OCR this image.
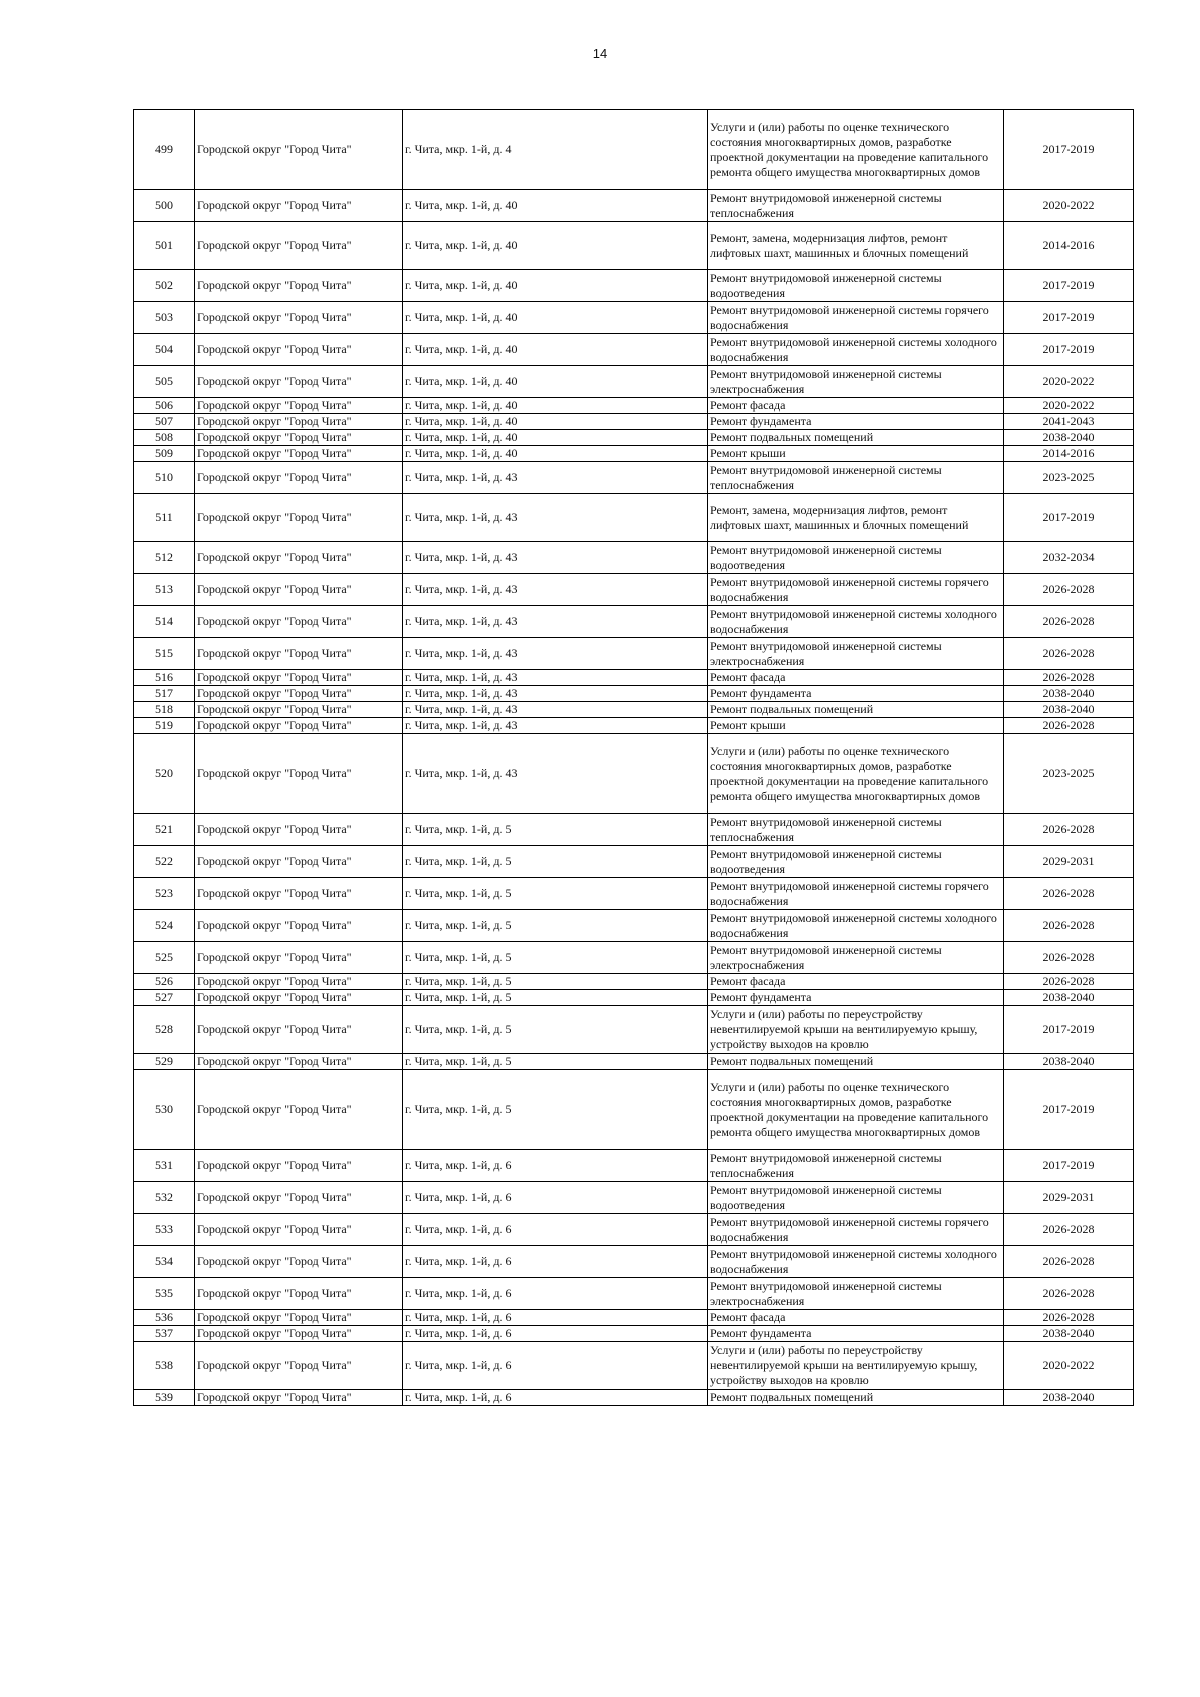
14
499	Городской округ "Город Чита"	г. Чита, мкр. 1-й, д. 4	Услуги и (или) работы по оценке технического состояния многоквартирных домов, разработке проектной документации на проведение капитального ремонта общего имущества многоквартирных домов	2017-2019
500	Городской округ "Город Чита"	г. Чита, мкр. 1-й, д. 40	Ремонт внутридомовой инженерной системы теплоснабжения	2020-2022
501	Городской округ "Город Чита"	г. Чита, мкр. 1-й, д. 40	Ремонт, замена, модернизация лифтов, ремонт лифтовых шахт, машинных и блочных помещений	2014-2016
502	Городской округ "Город Чита"	г. Чита, мкр. 1-й, д. 40	Ремонт внутридомовой инженерной системы водоотведения	2017-2019
503	Городской округ "Город Чита"	г. Чита, мкр. 1-й, д. 40	Ремонт внутридомовой инженерной системы горячего водоснабжения	2017-2019
504	Городской округ "Город Чита"	г. Чита, мкр. 1-й, д. 40	Ремонт внутридомовой инженерной системы холодного водоснабжения	2017-2019
505	Городской округ "Город Чита"	г. Чита, мкр. 1-й, д. 40	Ремонт внутридомовой инженерной системы электроснабжения	2020-2022
506	Городской округ "Город Чита"	г. Чита, мкр. 1-й, д. 40	Ремонт фасада	2020-2022
507	Городской округ "Город Чита"	г. Чита, мкр. 1-й, д. 40	Ремонт фундамента	2041-2043
508	Городской округ "Город Чита"	г. Чита, мкр. 1-й, д. 40	Ремонт подвальных помещений	2038-2040
509	Городской округ "Город Чита"	г. Чита, мкр. 1-й, д. 40	Ремонт крыши	2014-2016
510	Городской округ "Город Чита"	г. Чита, мкр. 1-й, д. 43	Ремонт внутридомовой инженерной системы теплоснабжения	2023-2025
511	Городской округ "Город Чита"	г. Чита, мкр. 1-й, д. 43	Ремонт, замена, модернизация лифтов, ремонт лифтовых шахт, машинных и блочных помещений	2017-2019
512	Городской округ "Город Чита"	г. Чита, мкр. 1-й, д. 43	Ремонт внутридомовой инженерной системы водоотведения	2032-2034
513	Городской округ "Город Чита"	г. Чита, мкр. 1-й, д. 43	Ремонт внутридомовой инженерной системы горячего водоснабжения	2026-2028
514	Городской округ "Город Чита"	г. Чита, мкр. 1-й, д. 43	Ремонт внутридомовой инженерной системы холодного водоснабжения	2026-2028
515	Городской округ "Город Чита"	г. Чита, мкр. 1-й, д. 43	Ремонт внутридомовой инженерной системы электроснабжения	2026-2028
516	Городской округ "Город Чита"	г. Чита, мкр. 1-й, д. 43	Ремонт фасада	2026-2028
517	Городской округ "Город Чита"	г. Чита, мкр. 1-й, д. 43	Ремонт фундамента	2038-2040
518	Городской округ "Город Чита"	г. Чита, мкр. 1-й, д. 43	Ремонт подвальных помещений	2038-2040
519	Городской округ "Город Чита"	г. Чита, мкр. 1-й, д. 43	Ремонт крыши	2026-2028
520	Городской округ "Город Чита"	г. Чита, мкр. 1-й, д. 43	Услуги и (или) работы по оценке технического состояния многоквартирных домов, разработке проектной документации на проведение капитального ремонта общего имущества многоквартирных домов	2023-2025
521	Городской округ "Город Чита"	г. Чита, мкр. 1-й, д. 5	Ремонт внутридомовой инженерной системы теплоснабжения	2026-2028
522	Городской округ "Город Чита"	г. Чита, мкр. 1-й, д. 5	Ремонт внутридомовой инженерной системы водоотведения	2029-2031
523	Городской округ "Город Чита"	г. Чита, мкр. 1-й, д. 5	Ремонт внутридомовой инженерной системы горячего водоснабжения	2026-2028
524	Городской округ "Город Чита"	г. Чита, мкр. 1-й, д. 5	Ремонт внутридомовой инженерной системы холодного водоснабжения	2026-2028
525	Городской округ "Город Чита"	г. Чита, мкр. 1-й, д. 5	Ремонт внутридомовой инженерной системы электроснабжения	2026-2028
526	Городской округ "Город Чита"	г. Чита, мкр. 1-й, д. 5	Ремонт фасада	2026-2028
527	Городской округ "Город Чита"	г. Чита, мкр. 1-й, д. 5	Ремонт фундамента	2038-2040
528	Городской округ "Город Чита"	г. Чита, мкр. 1-й, д. 5	Услуги и (или) работы по переустройству невентилируемой крыши на вентилируемую крышу, устройству выходов на кровлю	2017-2019
529	Городской округ "Город Чита"	г. Чита, мкр. 1-й, д. 5	Ремонт подвальных помещений	2038-2040
530	Городской округ "Город Чита"	г. Чита, мкр. 1-й, д. 5	Услуги и (или) работы по оценке технического состояния многоквартирных домов, разработке проектной документации на проведение капитального ремонта общего имущества многоквартирных домов	2017-2019
531	Городской округ "Город Чита"	г. Чита, мкр. 1-й, д. 6	Ремонт внутридомовой инженерной системы теплоснабжения	2017-2019
532	Городской округ "Город Чита"	г. Чита, мкр. 1-й, д. 6	Ремонт внутридомовой инженерной системы водоотведения	2029-2031
533	Городской округ "Город Чита"	г. Чита, мкр. 1-й, д. 6	Ремонт внутридомовой инженерной системы горячего водоснабжения	2026-2028
534	Городской округ "Город Чита"	г. Чита, мкр. 1-й, д. 6	Ремонт внутридомовой инженерной системы холодного водоснабжения	2026-2028
535	Городской округ "Город Чита"	г. Чита, мкр. 1-й, д. 6	Ремонт внутридомовой инженерной системы электроснабжения	2026-2028
536	Городской округ "Город Чита"	г. Чита, мкр. 1-й, д. 6	Ремонт фасада	2026-2028
537	Городской округ "Город Чита"	г. Чита, мкр. 1-й, д. 6	Ремонт фундамента	2038-2040
538	Городской округ "Город Чита"	г. Чита, мкр. 1-й, д. 6	Услуги и (или) работы по переустройству невентилируемой крыши на вентилируемую крышу, устройству выходов на кровлю	2020-2022
539	Городской округ "Город Чита"	г. Чита, мкр. 1-й, д. 6	Ремонт подвальных помещений	2038-2040
